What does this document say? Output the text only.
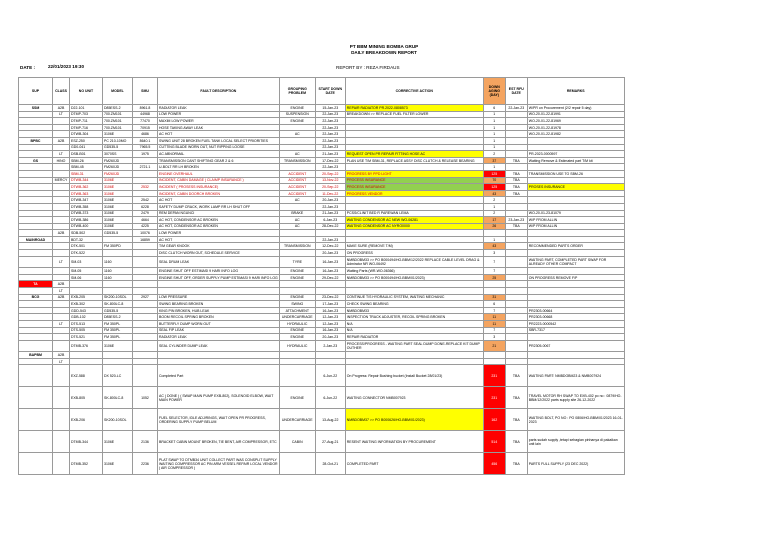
PT BBM MINING BOMBA GRUP
DAILY BREAKDOWN REPORT
DATE :	22/01/2023 19:30	REPORT BY : REZA FIRDAUS
SUP	CLASS	NO UNIT	MODEL	SMU	FAULT DESCRIPTION	GROUPING PROBLEM	START DOWN DATE	CORRECTIVE ACTION	DOWN AGING (DAY)	EST RFU DATE	REMARKS
SSM	A2B	D22-101	D85ESS-2	8961.8	RADIATOR LEAK	ENGINE	15-Jan-23	REPAIR RADIATOR PR.2022-0808573	6	22-Jan-23	W/PR on Procurement (2/2 repair 5 day)
	LT	DTMP-703	700.ZM101	44968	LOW POWER	SUSPENSION	22-Jan-23	BREAKDOWN >> REPLACE FUEL FILTER LOWER	1		WO-20-01-22-81991
		DTMP-711	700.ZM101	77470	MAXIM LOW POWER	ENGINE	22-Jan-23		1		WO-20-01-22-81969
		DTMP-716	700.ZM101	70915	HOSE TAKING AWAY LEAK		22-Jan-23		1		WO-20-01-22-81978
		DTWB-304	3106E	4686	AC HOT	AC	22-Jan-23		1		WO-20-01-22-81982
BPBC	A2B	ESZ-250	PC 210-10MO	8640.1	SWING UNIT 28 BROKEN FUEL TANK LOCAL SELECT PRIORITIES		22-Jan-23		1		
		GD0-041	GD535-5	7965.5	CUTTING BLADE WORN OUT, NUT RIPPING LOOSE		22-Jan-23		1		
	LT	DSB-B01	3070SS	1975	AC ABNORMAL	AC	21-Jan-23	REQUEST OPEN PR REPAIR FITTING HOSE AC	2		PR-2023-0000597
GS	HINO	SBM-26	FM260JD		TRANSMISSION CANT SHIFTING GEAR 2 & 6	TRANSMISSION	17-Dec-22	PLAN USE T/M SBM-31, REPLACE ASSY DISC CLUTCH & RELEASE BEARING	37	TBA	Waiting Remove & Estimated part T/M kit
		SBM-45	FM260JD	2721.1	U-BOLT RR LH BROKEN		22-Jan-23		1		
		SBM-31	FM260JD		ENGINE OVERHAUL	ACCIDENT	20-Sep-22	PROGRESS BY PPD LIGHT	125	TBA	TRANSMISSION USE TO SBM-26
	MERCY	DTWB-344	3106E		INCIDENT, CABIN DAMAGE ( CLAIMP INSURANCE )	ACCIDENT	13-Nov-22	PROCESS INSURANCE	70	TBA	
		DTWB-362	3106E	2532	INCIDENT ( PROSESS INSURANCE)	ACCIDENT	20-Sep-22	PROCESS INSURANCE	125	TBA	PROSES INSURANCE
		DTWB-363	3106E		INCIDENT, CABIN DOORCH BROKEN	ACCIDENT	11-Dec-22	PROGRESS VENDOR	43	TBA	
		DTWB-347	3106E	2542	AC HOT	AC	20-Jan-23		2		
		DTWB-358	3106E	6228	SAFETY DUMP CRACK, WORK LAMP RR LH SHUT OFF		22-Jan-23		1		
		DTWB-373	3106E	2479	REM DEPAN NGUNCI	BRAKE	21-Jan-23	PCSS/CLINIT BED R PAREWAN LEMA	2		WO-20-01-23-81079
		DTWB-386	3106E	4664	AC HOT, CONDENSOR AC BROKEN	AC	6-Jan-23	WAITING CONDENSOR AC NEW WO-06281	17	23-Jan-23	W/P FROM ALLIN
		DTWB-400	3106E	4225	AC HOT, CONDENSOR AC BROKEN	AC	28-Dec-22	WAITING CONDENSOR AC NYRO0000	26	TBA	W/P FROM ALLIN
	A2B	SDB-502	GD535-5	10076	LOW POWER						
MAINROAD		BDT-32		16859	AC HOT		22-Jan-23		1		
		DTK-501	FM 350PD		T/M GEAR KNOOK	TRANSMISSION	12-Dec-22	MAKE SURE (REMOVE T/M)	43		RECOMMENDED PARTS ORDER
		DTK-522			DISC CLUTCH WORN OUT, SCHEDULE SERVICE		20-Jan-23	ON PROGRESS	3		
	LT	SM-03	1160		SEAL DRUM LEAK	TYRE	16-Jan-23	NMBDOBM33 >> PO B000494/HO-BBM/12/2022 REPLACE CABLE LEVEL DRAG & Admirator NR WO-06492	7		WAITING PART, COMPLETED PART SWAP FOR ALREADY OTHER COMPACT
		SM-05	1160		ENGINE SHUT OFF ESTIMASI 9 HARI INFO LOG	ENGINE	16-Jan-23	Waiting Parts (WR-WO-06366)	7		
		SM-06	1160		ENGINE SHUT OFF, ORDER SUPPLY PUMP ESTIMASI 9 HARI INFO LOG	ENGINE	29-Dec-22	NMBDOBM33 >> PO B000494/HO-BBM/01/2023)	25		ON PROGRESS REMOVE F/P
TA	A2B										
	LT										
BCG	A2B	EXB-205	SK200-10SOL	2927	LOW PRESSURE	ENGINE	23-Dec-22	CONTINUE T/S HYDRAULIC SYSTEM, WAITING MECHANIC	31		
		EXB-302	SK-800LC-8		SWING BEARING BROKEN	SWING	17-Jan-23	CHECK SWING BEARING	6		
		GDD-543	GD535-5		KING PIN BROKEN, HUB LEAK	ATTACHMENT	16-Jan-23	NMBDOBM33	7		PR2303-00664
		GDB-102	D85ESS-2		BOOM RECOIL SPRING BROKEN	UNDERCARRIAGE	12-Jan-23	INSPECTION TRACK ADJUSTER, RECOIL SPRING BROKEN	11		PR2303-00668
	LT	DTS-513	FM 350PL		BUTTERFLY DUMP WORN OUT	HYDRAULIC	12-Jan-23	N/A	11		PR2223-0000542
		DTS-505	FM 350PL		SEAL FIP LEAK	ENGINE	16-Jan-23	N/A	7		SBR-7317
		DTS-521	FM 350PL		RADIATOR LEAK	ENGINE	20-Jan-23	REPAIR RADIATOR	3		
		DTMB-376	3106E		SEAL CYLINDER DUMP LEAK	HYDRAULIC	2-Jan-23	PROCESS/PROGRESS - WAITING PART SEAL DUMP DONE-REPLACE KIT DUMP OUTHER	21		PR2305-0067
BAPBM	A2B										
	LT										
		EXZ-588	DX 520-LC		Completed Part		6-Jun-22	On Progress: Repair Bushing bucket (Install Bucket 28/01/23)	231	TBA	WAITING PART: NMBDOBM23 & NMB007924
		EXB-805	SK-800LC-8	1052	AC ( DONE ) ( SWAP MAIN PUMP EXB-802), SOLENOID ELBOW, WAIT MAIN POWER	ENGINE	6-Jun-22	WAITING CONNECTOR NMB007923	231	TBA	TRAVEL MOTOR RH SWAP TO EXB-402 po no : 0879/HO-BBM/12/2022 parts supply site 26-12-2022
		EXB-206	SK200-10SOL		FUEL SELECTOR, IDLE ADJ/RINGS, WAIT OPEN PR PROGRESS, ORDERING SUPPLY PUMP BELUM	UNDERCARRIAGE	13-Aug-22	NMBDOBM37 >> PO B000626/HO-BBM/01/2023)	162	TBA	WAITING BOLT, PO NO : PO 0806/HO-BBM/01/2023 16-01-2023
		DTMB-344	3106E	2136	BRACKET CABIN MOUNT BROKEN, TIE BENT, AIR COMPRESSOR, ETC	CABIN	27-Aug-21	RESENT WAITING INFORMATION BY PROCUREMENT	514	TBA	parts sudah supply ,tetapi sebagian pinhanya di pakaikan unit lain
		DTMB-352	3106E	2236	PLAT SWAP TO DTMB34 UNIT COLLECT PART WAS CONSPLIT SUPPLY WAITING COMPRESSOR AC PIN ARM VESSEL REPAIR LOCAL VENDOR ( AIR COMPRESSOR )		28-Oct-21	COMPLETED PART	456	TBA	PARTS FULL SUPPLY (23 DEC 2022)
